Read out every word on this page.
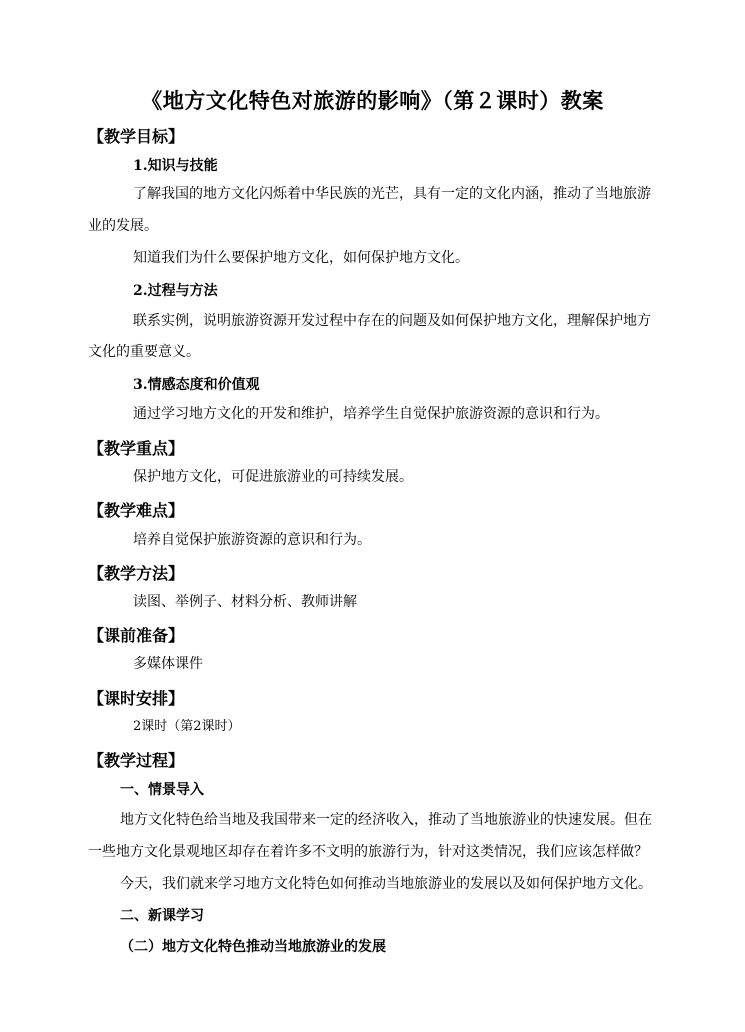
《地方文化特色对旅游的影响》（第２课时）教案
【教学目标】
1.知识与技能
了解我国的地方文化闪烁着中华民族的光芒，具有一定的文化内涵，推动了当地旅游
业的发展。
知道我们为什么要保护地方文化，如何保护地方文化。
2.过程与方法
联系实例，说明旅游资源开发过程中存在的问题及如何保护地方文化，理解保护地方
文化的重要意义。
3.情感态度和价值观
通过学习地方文化的开发和维护，培养学生自觉保护旅游资源的意识和行为。
【教学重点】
保护地方文化，可促进旅游业的可持续发展。
【教学难点】
培养自觉保护旅游资源的意识和行为。
【教学方法】
读图、举例子、材料分析、教师讲解
【课前准备】
多媒体课件
【课时安排】
2课时（第2课时）
【教学过程】
一、情景导入
地方文化特色给当地及我国带来一定的经济收入，推动了当地旅游业的快速发展。但在
一些地方文化景观地区却存在着许多不文明的旅游行为，针对这类情况，我们应该怎样做？
今天，我们就来学习地方文化特色如何推动当地旅游业的发展以及如何保护地方文化。
二、新课学习
（二）地方文化特色推动当地旅游业的发展
